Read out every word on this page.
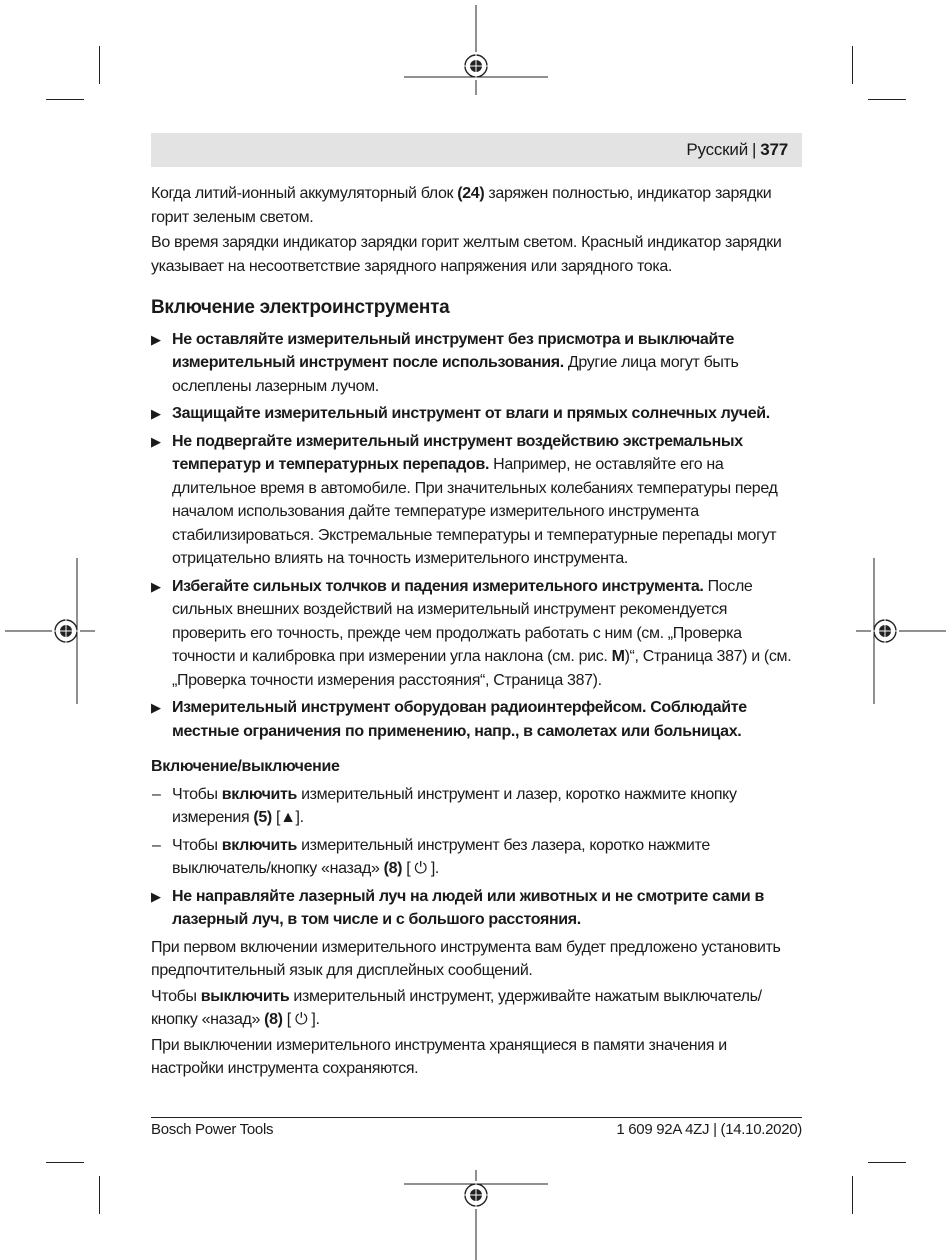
Русский | 377

Когда литий-ионный аккумуляторный блок (24) заряжен полностью, индикатор зарядки горит зеленым светом.

Во время зарядки индикатор зарядки горит желтым светом. Красный индикатор зарядки указывает на несоответствие зарядного напряжения или зарядного тока.

Включение электроинструмента
▶ Не оставляйте измерительный инструмент без присмотра и выключайте измерительный инструмент после использования. Другие лица могут быть ослеплены лазерным лучом.
▶ Защищайте измерительный инструмент от влаги и прямых солнечных лучей.
▶ Не подвергайте измерительный инструмент воздействию экстремальных температур и температурных перепадов. Например, не оставляйте его на длительное время в автомобиле. При значительных колебаниях температуры перед началом использования дайте температуре измерительного инструмента стабилизироваться. Экстремальные температуры и температурные перепады могут отрицательно влиять на точность измерительного инструмента.
▶ Избегайте сильных толчков и падения измерительного инструмента. После сильных внешних воздействий на измерительный инструмент рекомендуется проверить его точность, прежде чем продолжать работать с ним (см. „Проверка точности и калибровка при измерении угла наклона (см. рис. M)“, Страница 387) и (см. „Проверка точности измерения расстояния“, Страница 387).
▶ Измерительный инструмент оборудован радиоинтерфейсом. Соблюдайте местные ограничения по применению, напр., в самолетах или больницах.
Включение/выключение
– Чтобы включить измерительный инструмент и лазер, коротко нажмите кнопку измерения (5) [▲].
– Чтобы включить измерительный инструмент без лазера, коротко нажмите выключатель/кнопку «назад» (8) [ ⏻ ].
▶ Не направляйте лазерный луч на людей или животных и не смотрите сами в лазерный луч, в том числе и с большого расстояния.

При первом включении измерительного инструмента вам будет предложено установить предпочтительный язык для дисплейных сообщений.

Чтобы выключить измерительный инструмент, удерживайте нажатым выключатель/кнопку «назад» (8) [ ⏻ ].

При выключении измерительного инструмента хранящиеся в памяти значения и настройки инструмента сохраняются.

Bosch Power Tools	1 609 92A 4ZJ | (14.10.2020)
